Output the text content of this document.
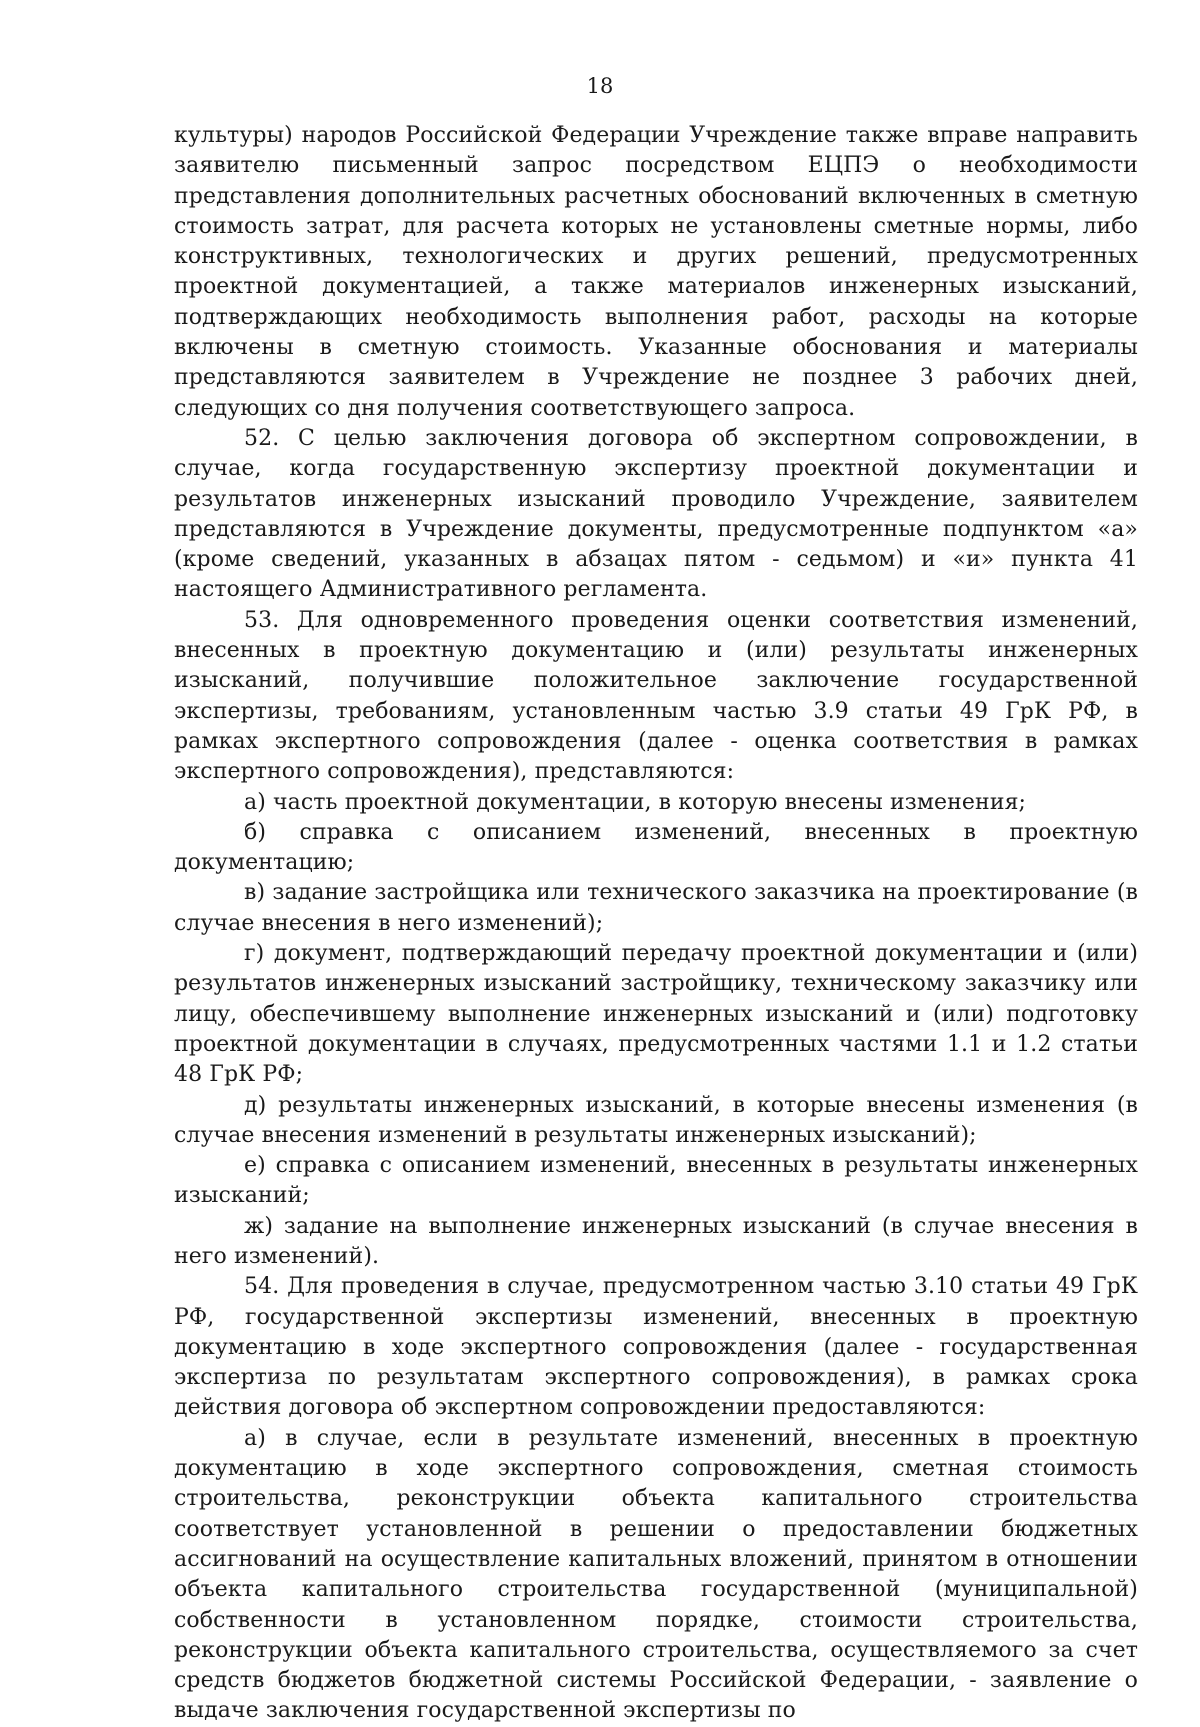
18

культуры) народов Российской Федерации Учреждение также вправе направить заявителю письменный запрос посредством ЕЦПЭ о необходимости представления дополнительных расчетных обоснований включенных в сметную стоимость затрат, для расчета которых не установлены сметные нормы, либо конструктивных, технологических и других решений, предусмотренных проектной документацией, а также материалов инженерных изысканий, подтверждающих необходимость выполнения работ, расходы на которые включены в сметную стоимость. Указанные обоснования и материалы представляются заявителем в Учреждение не позднее 3 рабочих дней, следующих со дня получения соответствующего запроса.

52. С целью заключения договора об экспертном сопровождении, в случае, когда государственную экспертизу проектной документации и результатов инженерных изысканий проводило Учреждение, заявителем представляются в Учреждение документы, предусмотренные подпунктом «а» (кроме сведений, указанных в абзацах пятом - седьмом) и «и» пункта 41 настоящего Административного регламента.

53. Для одновременного проведения оценки соответствия изменений, внесенных в проектную документацию и (или) результаты инженерных изысканий, получившие положительное заключение государственной экспертизы, требованиям, установленным частью 3.9 статьи 49 ГрК РФ, в рамках экспертного сопровождения (далее - оценка соответствия в рамках экспертного сопровождения), представляются:

а) часть проектной документации, в которую внесены изменения;

б) справка с описанием изменений, внесенных в проектную документацию;

в) задание застройщика или технического заказчика на проектирование (в случае внесения в него изменений);

г) документ, подтверждающий передачу проектной документации и (или) результатов инженерных изысканий застройщику, техническому заказчику или лицу, обеспечившему выполнение инженерных изысканий и (или) подготовку проектной документации в случаях, предусмотренных частями 1.1 и 1.2 статьи 48 ГрК РФ;

д) результаты инженерных изысканий, в которые внесены изменения (в случае внесения изменений в результаты инженерных изысканий);

е) справка с описанием изменений, внесенных в результаты инженерных изысканий;

ж) задание на выполнение инженерных изысканий (в случае внесения в него изменений).

54. Для проведения в случае, предусмотренном частью 3.10 статьи 49 ГрК РФ, государственной экспертизы изменений, внесенных в проектную документацию в ходе экспертного сопровождения (далее - государственная экспертиза по результатам экспертного сопровождения), в рамках срока действия договора об экспертном сопровождении предоставляются:

а) в случае, если в результате изменений, внесенных в проектную документацию в ходе экспертного сопровождения, сметная стоимость строительства, реконструкции объекта капитального строительства соответствует установленной в решении о предоставлении бюджетных ассигнований на осуществление капитальных вложений, принятом в отношении объекта капитального строительства государственной (муниципальной) собственности в установленном порядке, стоимости строительства, реконструкции объекта капитального строительства, осуществляемого за счет средств бюджетов бюджетной системы Российской Федерации, - заявление о выдаче заключения государственной экспертизы по
